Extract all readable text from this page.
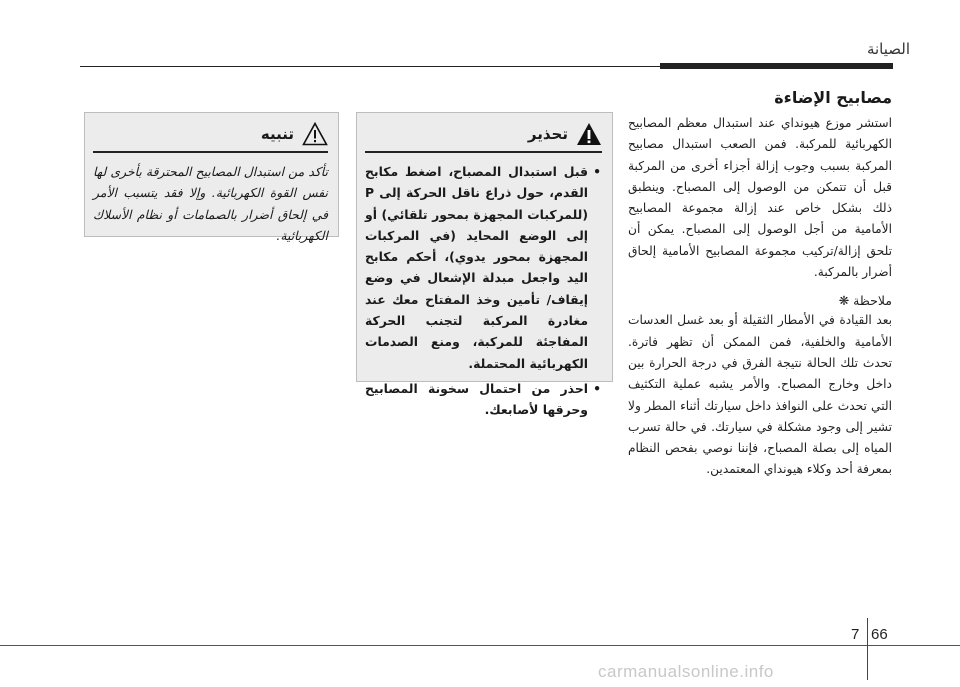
الصيانة
مصابيح الإضاءة

استشر موزع هيونداي عند استبدال معظم المصابيح الكهربائية للمركبة. فمن الصعب استبدال مصابيح المركبة بسبب وجوب إزالة أجزاء أخرى من المركبة قبل أن تتمكن من الوصول إلى المصباح. وينطبق ذلك بشكل خاص عند إزالة مجموعة المصابيح الأمامية من أجل الوصول إلى المصباح. يمكن أن تلحق إزالة/تركيب مجموعة المصابيح الأمامية إلحاق أضرار بالمركبة.

ملاحظة ❋

بعد القيادة في الأمطار الثقيلة أو بعد غسل العدسات الأمامية والخلفية، فمن الممكن أن تظهر فاترة. تحدث تلك الحالة نتيجة الفرق في درجة الحرارة بين داخل وخارج المصباح. والأمر يشبه عملية التكثيف التي تحدث على النوافذ داخل سيارتك أثناء المطر ولا تشير إلى وجود مشكلة في سيارتك. في حالة تسرب المياه إلى بصلة المصباح، فإننا نوصي بفحص النظام بمعرفة أحد وكلاء هيونداي المعتمدين.

تحذير
• قبل استبدال المصباح، اضغط مكابح القدم، حول ذراع ناقل الحركة إلى P (للمركبات المجهزة بمحور تلقائي) أو إلى الوضع المحايد (في المركبات المجهزة بمحور يدوي)، أحكم مكابح اليد واجعل مبدلة الإشعال في وضع إيقاف/ تأمين وخذ المفتاح معك عند مغادرة المركبة لتجنب الحركة المفاجئة للمركبة، ومنع الصدمات الكهربائية المحتملة.
• احذر من احتمال سخونة المصابيح وحرقها لأصابعك.
تنبيه

تأكد من استبدال المصابيح المحترقة بأخرى لها نفس القوة الكهربائية. وإلا فقد يتسبب الأمر في إلحاق أضرار بالصمامات أو نظام الأسلاك الكهربائية.

7 66
carmanualsonline.info
